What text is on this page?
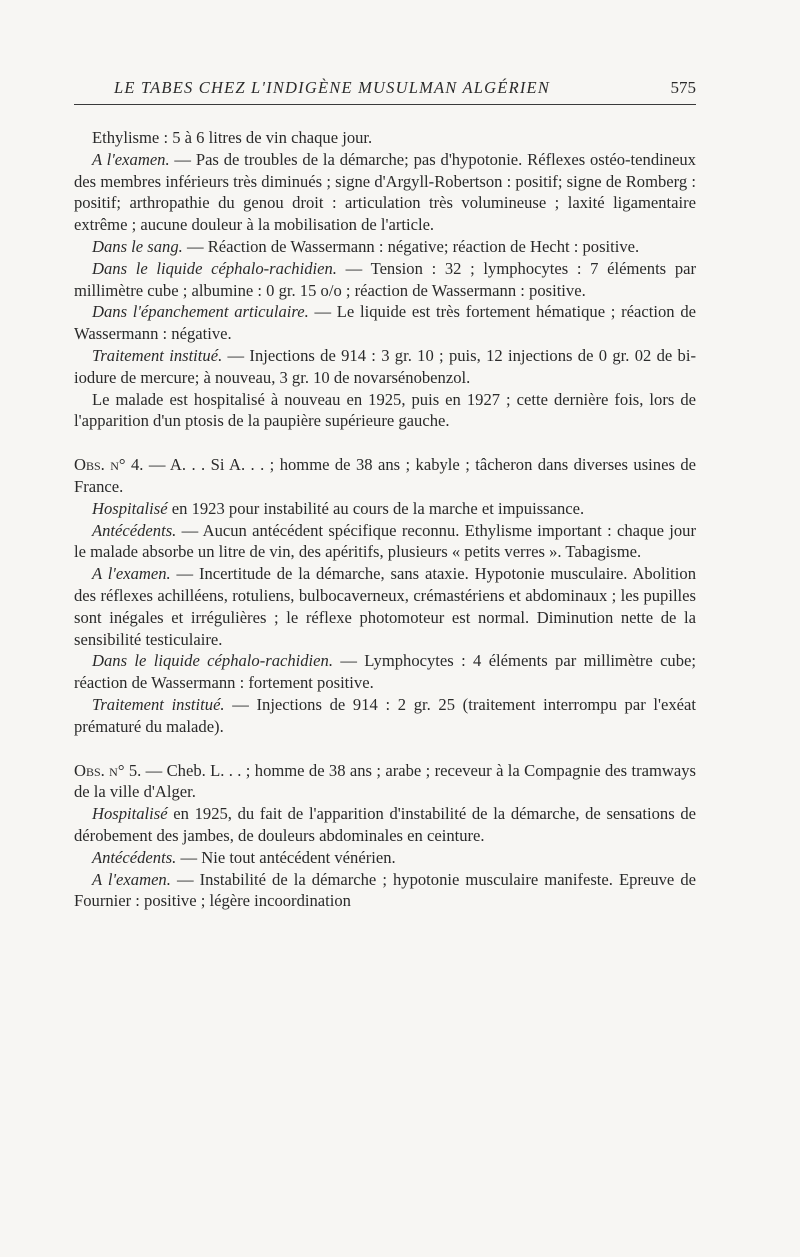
LE TABES CHEZ L'INDIGÈNE MUSULMAN ALGÉRIEN	575

Ethylisme : 5 à 6 litres de vin chaque jour.

A l'examen. — Pas de troubles de la démarche; pas d'hypotonie. Réflexes ostéo-tendineux des membres inférieurs très diminués ; signe d'Argyll-Robertson : positif; signe de Romberg : positif; arthropathie du genou droit : articulation très volumineuse ; laxité ligamentaire extrême ; aucune douleur à la mobilisation de l'article.

Dans le sang. — Réaction de Wassermann : négative; réaction de Hecht : positive.

Dans le liquide céphalo-rachidien. — Tension : 32 ; lymphocytes : 7 éléments par millimètre cube ; albumine : 0 gr. 15 o/o ; réaction de Wassermann : positive.

Dans l'épanchement articulaire. — Le liquide est très fortement hématique ; réaction de Wassermann : négative.

Traitement institué. — Injections de 914 : 3 gr. 10 ; puis, 12 injections de 0 gr. 02 de bi-iodure de mercure; à nouveau, 3 gr. 10 de novarsénobenzol.

Le malade est hospitalisé à nouveau en 1925, puis en 1927 ; cette dernière fois, lors de l'apparition d'un ptosis de la paupière supérieure gauche.

Obs. n° 4. — A. . . Si A. . . ; homme de 38 ans ; kabyle ; tâcheron dans diverses usines de France.

Hospitalisé en 1923 pour instabilité au cours de la marche et impuissance.

Antécédents. — Aucun antécédent spécifique reconnu. Ethylisme important : chaque jour le malade absorbe un litre de vin, des apéritifs, plusieurs « petits verres ». Tabagisme.

A l'examen. — Incertitude de la démarche, sans ataxie. Hypotonie musculaire. Abolition des réflexes achilléens, rotuliens, bulbocaverneux, crémastériens et abdominaux ; les pupilles sont inégales et irrégulières ; le réflexe photomoteur est normal. Diminution nette de la sensibilité testiculaire.

Dans le liquide céphalo-rachidien. — Lymphocytes : 4 éléments par millimètre cube; réaction de Wassermann : fortement positive.

Traitement institué. — Injections de 914 : 2 gr. 25 (traitement interrompu par l'exéat prématuré du malade).

Obs. n° 5. — Cheb. L. . . ; homme de 38 ans ; arabe ; receveur à la Compagnie des tramways de la ville d'Alger.

Hospitalisé en 1925, du fait de l'apparition d'instabilité de la démarche, de sensations de dérobement des jambes, de douleurs abdominales en ceinture.

Antécédents. — Nie tout antécédent vénérien.

A l'examen. — Instabilité de la démarche ; hypotonie musculaire manifeste. Epreuve de Fournier : positive ; légère incoordination
